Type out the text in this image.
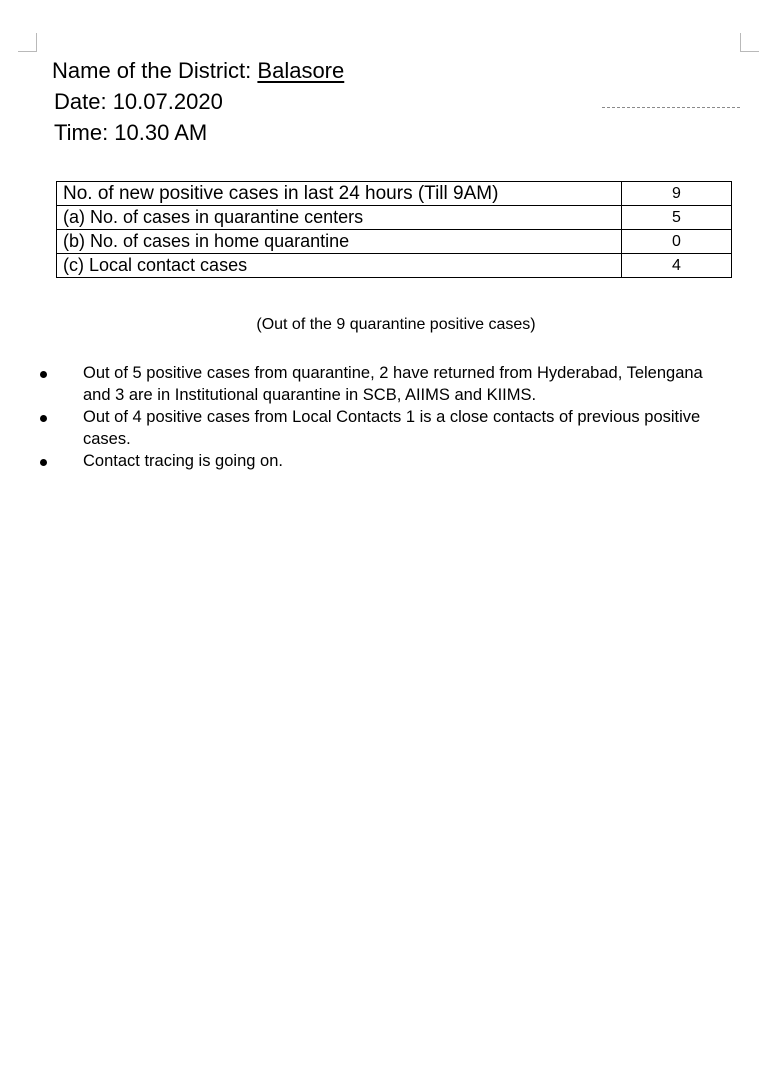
Name of the District: Balasore
Date: 10.07.2020
Time: 10.30 AM
No. of new positive cases in last 24 hours (Till 9AM)	9
(a) No. of cases in quarantine centers	5
(b) No. of cases in home quarantine	0
(c) Local contact cases	4
(Out of the 9 quarantine positive cases)
Out of 5 positive cases from quarantine, 2 have returned from Hyderabad, Telengana and 3 are in Institutional quarantine in SCB, AIIMS and KIIMS.
Out of 4 positive cases from Local Contacts 1 is a close contacts of previous positive cases.
Contact tracing is going on.
